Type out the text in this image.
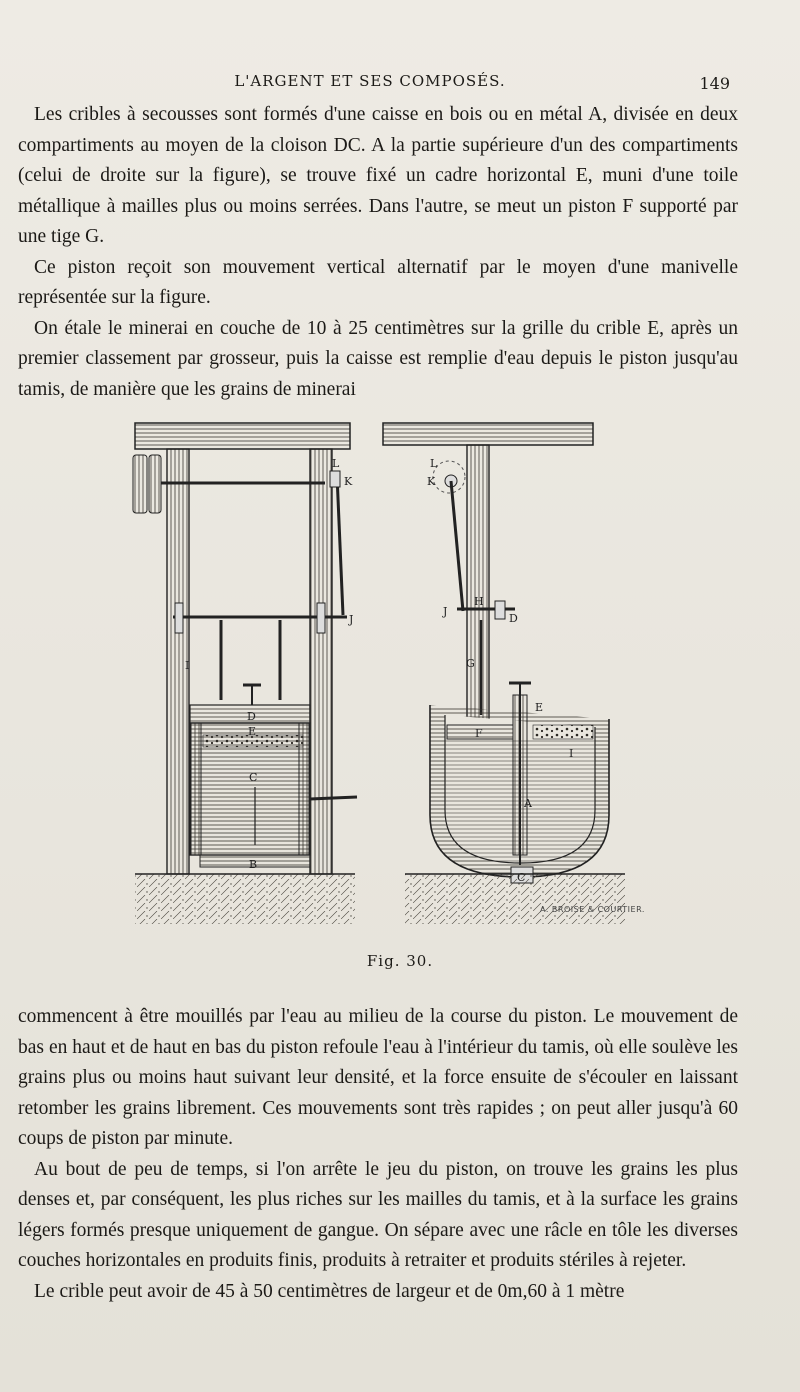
L'ARGENT ET SES COMPOSÉS.	149

Les cribles à secousses sont formés d'une caisse en bois ou en métal A, divisée en deux compartiments au moyen de la cloison DC. A la partie supérieure d'un des compartiments (celui de droite sur la figure), se trouve fixé un cadre horizontal E, muni d'une toile métallique à mailles plus ou moins serrées. Dans l'autre, se meut un piston F supporté par une tige G.

Ce piston reçoit son mouvement vertical alternatif par le moyen d'une manivelle représentée sur la figure.

On étale le minerai en couche de 10 à 25 centimètres sur la grille du crible E, après un premier classement par grosseur, puis la caisse est remplie d'eau depuis le piston jusqu'au tamis, de manière que les grains de minerai

L
K
J
I
D
E
C
B
L
K
J
H
D
G
F
E
I
A
C
A. BROISE & COURTIER.
Fig. 30.

commencent à être mouillés par l'eau au milieu de la course du piston. Le mouvement de bas en haut et de haut en bas du piston refoule l'eau à l'intérieur du tamis, où elle soulève les grains plus ou moins haut suivant leur densité, et la force ensuite de s'écouler en laissant retomber les grains librement. Ces mouvements sont très rapides ; on peut aller jusqu'à 60 coups de piston par minute.

Au bout de peu de temps, si l'on arrête le jeu du piston, on trouve les grains les plus denses et, par conséquent, les plus riches sur les mailles du tamis, et à la surface les grains légers formés presque uniquement de gangue. On sépare avec une râcle en tôle les diverses couches horizontales en produits finis, produits à retraiter et produits stériles à rejeter.

Le crible peut avoir de 45 à 50 centimètres de largeur et de 0m,60 à 1 mètre
